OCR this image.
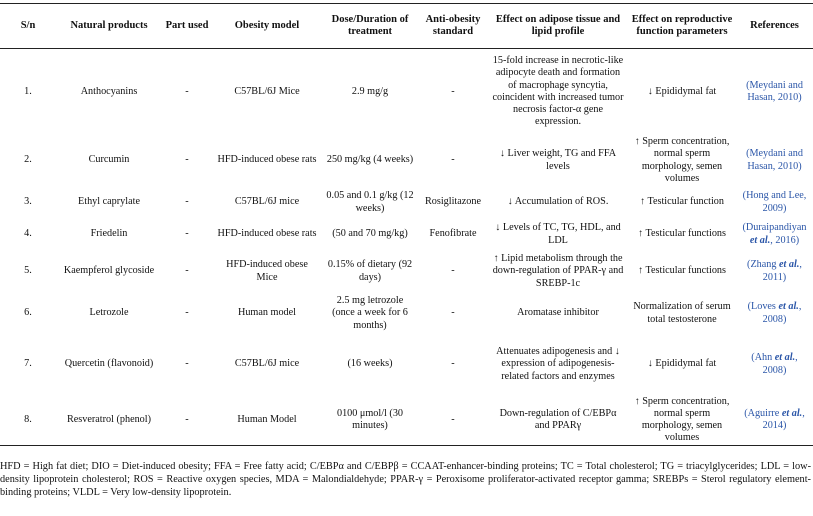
S/n	Natural products	Part used	Obesity model	Dose/Duration of treatment	Anti-obesity standard	Effect on adipose tissue and lipid profile	Effect on reproductive function parameters	References
1.	Anthocyanins	-	C57BL/6J Mice	2.9 mg/g	-	15-fold increase in necrotic-like adipocyte death and formation of macrophage syncytia, coincident with increased tumor necrosis factor-α gene expression.	↓ Epididymal fat	(Meydani and Hasan, 2010)
2.	Curcumin	-	HFD-induced obese rats	250 mg/kg (4 weeks)	-	↓ Liver weight, TG and FFA levels	↑ Sperm concentration, normal sperm morphology, semen volumes	(Meydani and Hasan, 2010)
3.	Ethyl caprylate	-	C57BL/6J mice	0.05 and 0.1 g/kg (12 weeks)	Rosiglitazone	↓ Accumulation of ROS.	↑ Testicular function	(Hong and Lee, 2009)
4.	Friedelin	-	HFD-induced obese rats	(50 and 70 mg/kg)	Fenofibrate	↓ Levels of TC, TG, HDL, and LDL	↑ Testicular functions	(Duraipandiyan et al., 2016)
5.	Kaempferol glycoside	-	HFD-induced obese Mice	0.15% of dietary (92 days)	-	↑ Lipid metabolism through the down-regulation of PPAR-γ and SREBP-1c	↑ Testicular functions	(Zhang et al., 2011)
6.	Letrozole	-	Human model	2.5 mg letrozole (once a week for 6 months)	-	Aromatase inhibitor	Normalization of serum total testosterone	(Loves et al., 2008)
7.	Quercetin (flavonoid)	-	C57BL/6J mice	(16 weeks)	-	Attenuates adipogenesis and ↓ expression of adipogenesis-related factors and enzymes	↓ Epididymal fat	(Ahn et al., 2008)
8.	Resveratrol (phenol)	-	Human Model	0100 μmol/l (30 minutes)	-	Down-regulation of C/EBPα and PPARγ	↑ Sperm concentration, normal sperm morphology, semen volumes	(Aguirre et al., 2014)
HFD = High fat diet; DIO = Diet-induced obesity; FFA = Free fatty acid; C/EBPα and C/EBPβ = CCAAT-enhancer-binding proteins; TC = Total cholesterol; TG = triacylglycerides; LDL = low-density lipoprotein cholesterol; ROS = Reactive oxygen species, MDA = Malondialdehyde; PPAR-γ = Peroxisome proliferator-activated receptor gamma; SREBPs = Sterol regulatory element-binding proteins; VLDL = Very low-density lipoprotein.
